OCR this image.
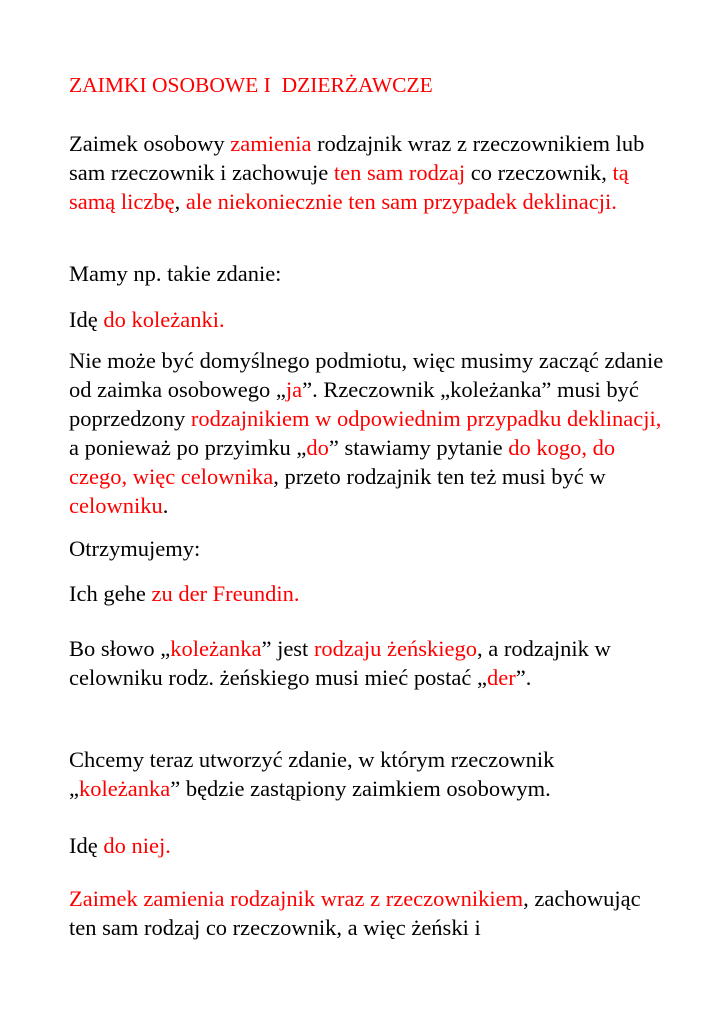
ZAIMKI OSOBOWE I  DZIERŻAWCZE

Zaimek osobowy zamienia rodzajnik wraz z rzeczownikiem lub sam rzeczownik i zachowuje ten sam rodzaj co rzeczownik, tą samą liczbę, ale niekoniecznie ten sam przypadek deklinacji.

Mamy np. takie zdanie:

Idę do koleżanki.

Nie może być domyślnego podmiotu, więc musimy zacząć zdanie od zaimka osobowego „ja”. Rzeczownik „koleżanka” musi być poprzedzony rodzajnikiem w odpowiednim przypadku deklinacji, a ponieważ po przyimku „do” stawiamy pytanie do kogo, do czego, więc celownika, przeto rodzajnik ten też musi być w celowniku.

Otrzymujemy:

Ich gehe zu der Freundin.

Bo słowo „koleżanka” jest rodzaju żeńskiego, a rodzajnik w celowniku rodz. żeńskiego musi mieć postać „der”.

Chcemy teraz utworzyć zdanie, w którym rzeczownik „koleżanka” będzie zastąpiony zaimkiem osobowym.

Idę do niej.

Zaimek zamienia rodzajnik wraz z rzeczownikiem, zachowując ten sam rodzaj co rzeczownik, a więc żeński i
